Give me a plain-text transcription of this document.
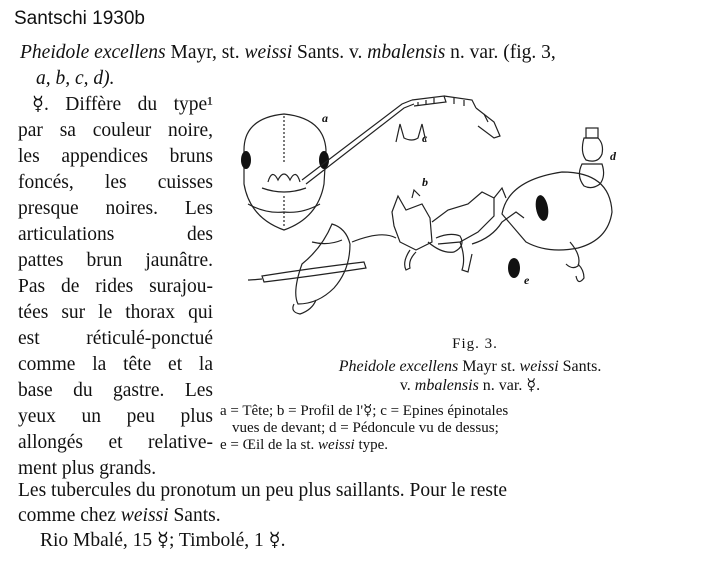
Santschi 1930b
Pheidole excellens Mayr, st. weissi Sants. v. mbalensis n. var. (fig. 3,
a, b, c, d).
☿. Diffère du type¹
par sa couleur noire,
les appendices bruns
foncés, les cuisses
presque noires. Les
articulations des
pattes brun jaunâtre.
Pas de rides surajou-
tées sur le thorax qui
est réticulé-ponctué
comme la tête et la
base du gastre. Les
yeux un peu plus
allongés et relative-
ment plus grands.
a
c
b
d
e
Fig. 3.
Pheidole excellens Mayr st. weissi Sants.
v. mbalensis n. var. ☿.
a = Tête; b = Profil de l'☿; c = Epines épinotales

vues de devant; d = Pédoncule vu de dessus;
e = Œil de la st. weissi type.
Les tubercules du pronotum un peu plus saillants. Pour le reste
comme chez weissi Sants.
Rio Mbalé, 15 ☿; Timbolé, 1 ☿.
